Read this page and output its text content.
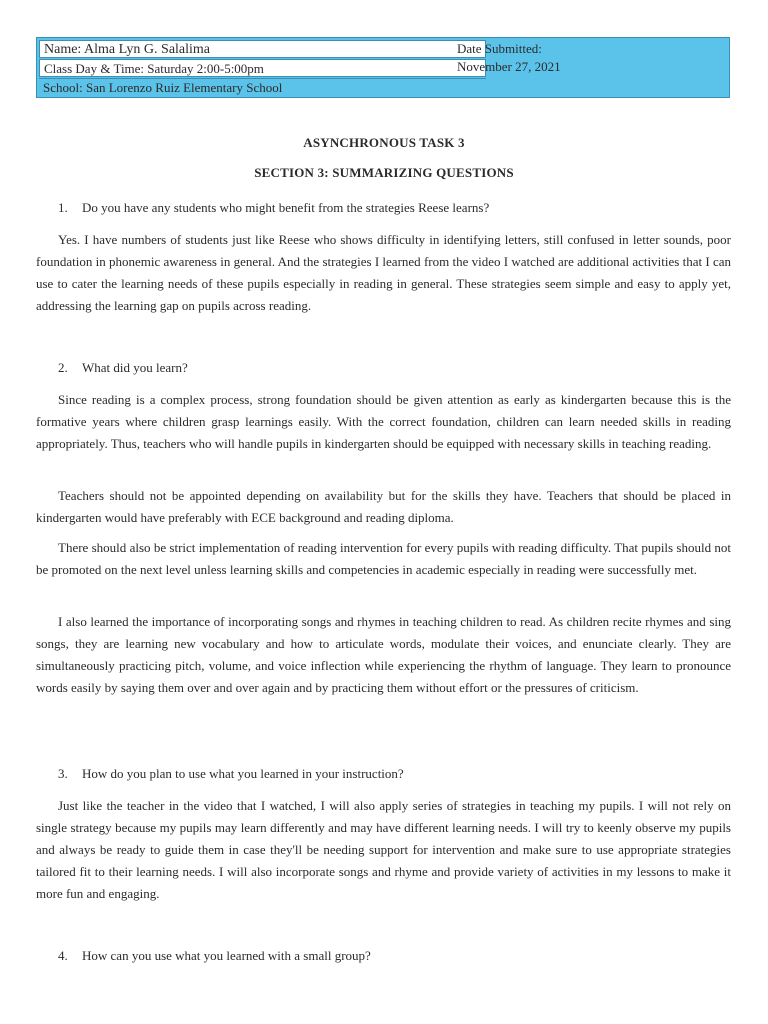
Name: Alma Lyn G. Salalima
Class Day & Time: Saturday 2:00-5:00pm
School: San Lorenzo Ruiz Elementary School
Date Submitted:
November 27, 2021
ASYNCHRONOUS TASK 3
SECTION 3: SUMMARIZING QUESTIONS
1. Do you have any students who might benefit from the strategies Reese learns?

Yes. I have numbers of students just like Reese who shows difficulty in identifying letters, still confused in letter sounds, poor foundation in phonemic awareness in general. And the strategies I learned from the video I watched are additional activities that I can use to cater the learning needs of these pupils especially in reading in general. These strategies seem simple and easy to apply yet, addressing the learning gap on pupils across reading.

2. What did you learn?

Since reading is a complex process, strong foundation should be given attention as early as kindergarten because this is the formative years where children grasp learnings easily. With the correct foundation, children can learn needed skills in reading appropriately. Thus, teachers who will handle pupils in kindergarten should be equipped with necessary skills in teaching reading.

Teachers should not be appointed depending on availability but for the skills they have. Teachers that should be placed in kindergarten would have preferably with ECE background and reading diploma.

There should also be strict implementation of reading intervention for every pupils with reading difficulty. That pupils should not be promoted on the next level unless learning skills and competencies in academic especially in reading were successfully met.

I also learned the importance of incorporating songs and rhymes in teaching children to read. As children recite rhymes and sing songs, they are learning new vocabulary and how to articulate words, modulate their voices, and enunciate clearly. They are simultaneously practicing pitch, volume, and voice inflection while experiencing the rhythm of language. They learn to pronounce words easily by saying them over and over again and by practicing them without effort or the pressures of criticism.

3. How do you plan to use what you learned in your instruction?

Just like the teacher in the video that I watched, I will also apply series of strategies in teaching my pupils. I will not rely on single strategy because my pupils may learn differently and may have different learning needs. I will try to keenly observe my pupils and always be ready to guide them in case they'll be needing support for intervention and make sure to use appropriate strategies tailored fit to their learning needs. I will also incorporate songs and rhyme and provide variety of activities in my lessons to make it more fun and engaging.

4. How can you use what you learned with a small group?
